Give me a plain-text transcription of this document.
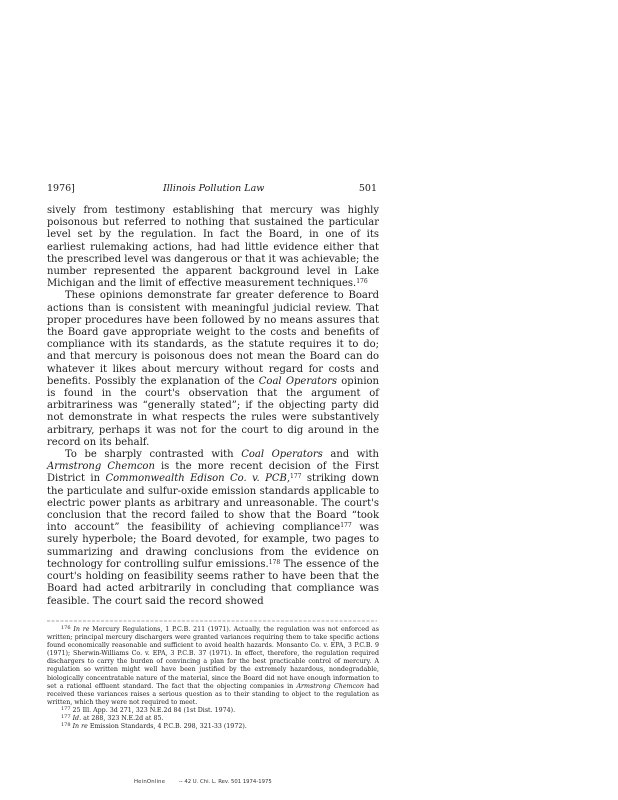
1976]	Illinois Pollution Law	501

sively from testimony establishing that mercury was highly poisonous but referred to nothing that sustained the particular level set by the regulation. In fact the Board, in one of its earliest rulemaking actions, had had little evidence either that the prescribed level was dangerous or that it was achievable; the number represented the apparent background level in Lake Michigan and the limit of effective measurement techniques.$^{176}$

These opinions demonstrate far greater deference to Board actions than is consistent with meaningful judicial review. That proper procedures have been followed by no means assures that the Board gave appropriate weight to the costs and benefits of compliance with its standards, as the statute requires it to do; and that mercury is poisonous does not mean the Board can do whatever it likes about mercury without regard for costs and benefits. Possibly the explanation of the Coal Operators opinion is found in the court's observation that the argument of arbitrariness was “generally stated”; if the objecting party did not demonstrate in what respects the rules were substantively arbitrary, perhaps it was not for the court to dig around in the record on its behalf.

To be sharply contrasted with Coal Operators and with Armstrong Chemcon is the more recent decision of the First District in Commonwealth Edison Co. v. PCB,$^{177}$ striking down the particulate and sulfur-oxide emission standards applicable to electric power plants as arbitrary and unreasonable. The court's conclusion that the record failed to show that the Board “took into account” the feasibility of achieving compliance$^{177}$ was surely hyperbole; the Board devoted, for example, two pages to summarizing and drawing conclusions from the evidence on technology for controlling sulfur emissions.$^{178}$ The essence of the court's holding on feasibility seems rather to have been that the Board had acted arbitrarily in concluding that compliance was feasible. The court said the record showed

$^{176}$ In re Mercury Regulations, 1 P.C.B. 211 (1971). Actually, the regulation was not enforced as written; principal mercury dischargers were granted variances requiring them to take specific actions found economically reasonable and sufficient to avoid health hazards. Monsanto Co. v. EPA, 3 P.C.B. 9 (1971); Sherwin-Williams Co. v. EPA, 3 P.C.B. 37 (1971). In effect, therefore, the regulation required dischargers to carry the burden of convincing a plan for the best practicable control of mercury. A regulation so written might well have been justified by the extremely hazardous, nondegradable, biologically concentratable nature of the material, since the Board did not have enough information to set a rational effluent standard. The fact that the objecting companies in Armstrong Chemcon had received these variances raises a serious question as to their standing to object to the regulation as written, which they were not required to meet.

$^{177}$ 25 Ill. App. 3d 271, 323 N.E.2d 84 (1st Dist. 1974).

$^{177}$ Id. at 288, 323 N.E.2d at 85.

$^{178}$ In re Emission Standards, 4 P.C.B. 298, 321-33 (1972).

HeinOnline	-- 42 U. Chi. L. Rev. 501 1974-1975
